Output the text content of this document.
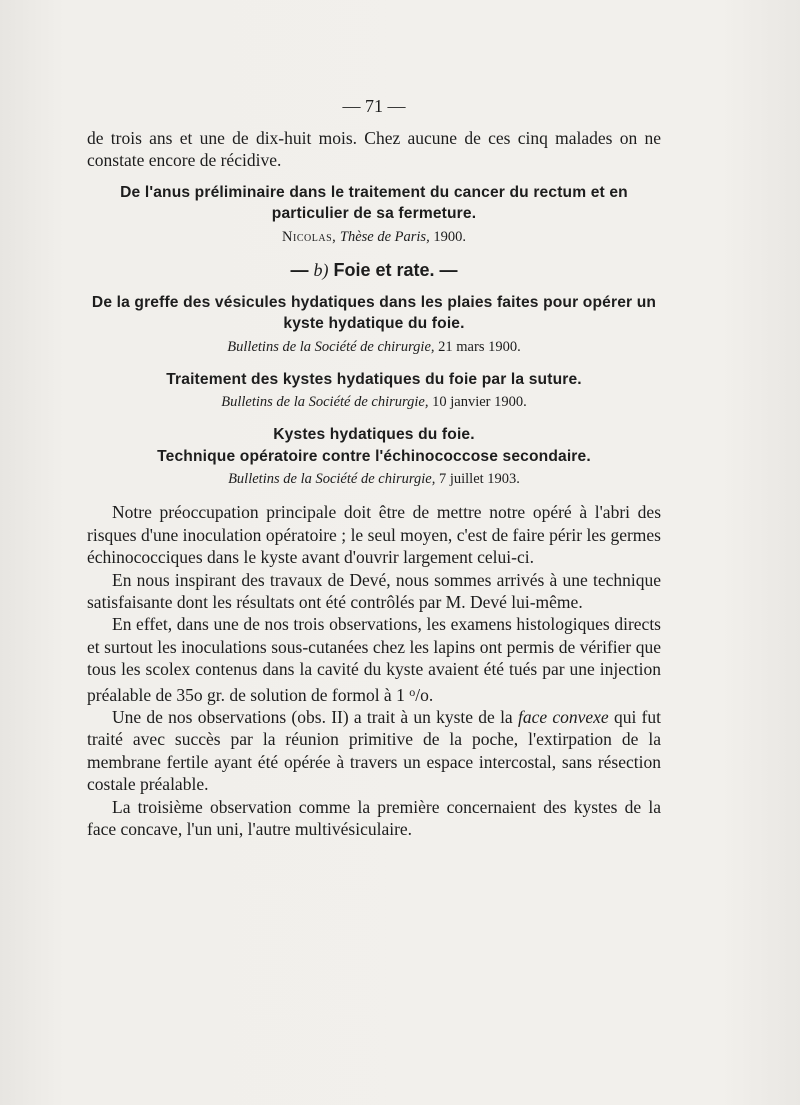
— 71 —

de trois ans et une de dix-huit mois. Chez aucune de ces cinq malades on ne constate encore de récidive.

De l'anus préliminaire dans le traitement du cancer du rectum et en particulier de sa fermeture.
Nicolas, Thèse de Paris, 1900.
— b) Foie et rate. —
De la greffe des vésicules hydatiques dans les plaies faites pour opérer un kyste hydatique du foie.
Bulletins de la Société de chirurgie, 21 mars 1900.
Traitement des kystes hydatiques du foie par la suture.
Bulletins de la Société de chirurgie, 10 janvier 1900.
Kystes hydatiques du foie.
Technique opératoire contre l'échinococcose secondaire.
Bulletins de la Société de chirurgie, 7 juillet 1903.

Notre préoccupation principale doit être de mettre notre opéré à l'abri des risques d'une inoculation opératoire ; le seul moyen, c'est de faire périr les germes échinococciques dans le kyste avant d'ouvrir largement celui-ci.

En nous inspirant des travaux de Devé, nous sommes arrivés à une technique satisfaisante dont les résultats ont été contrôlés par M. Devé lui-même.

En effet, dans une de nos trois observations, les examens histologiques directs et surtout les inoculations sous-cutanées chez les lapins ont permis de vérifier que tous les scolex contenus dans la cavité du kyste avaient été tués par une injection préalable de 35o gr. de solution de formol à 1 $^o$/o.

Une de nos observations (obs. II) a trait à un kyste de la face convexe qui fut traité avec succès par la réunion primitive de la poche, l'extirpation de la membrane fertile ayant été opérée à travers un espace intercostal, sans résection costale préalable.

La troisième observation comme la première concernaient des kystes de la face concave, l'un uni, l'autre multivésiculaire.
